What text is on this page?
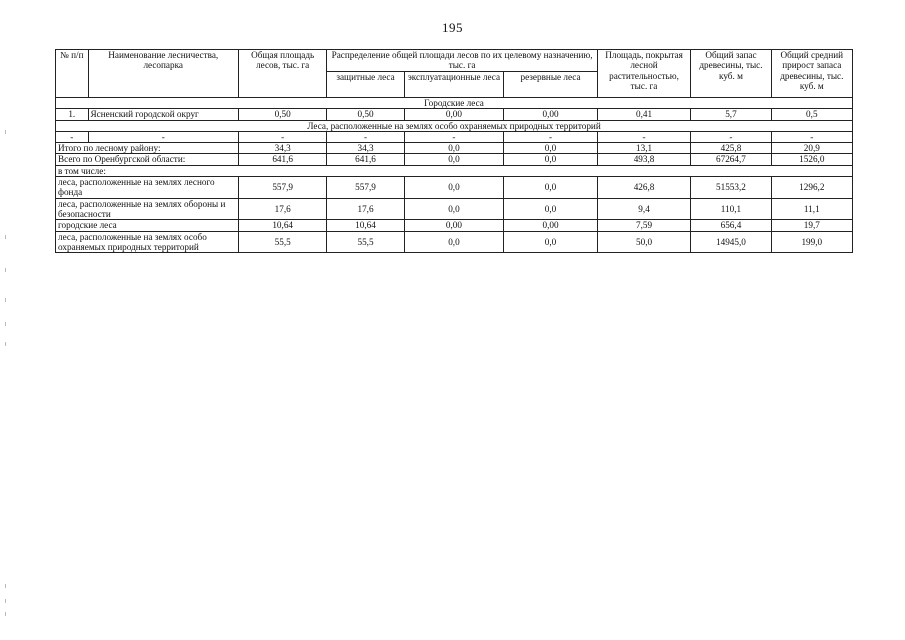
195
№ п/п	Наименование лесничества, лесопарка	Общая площадь лесов, тыс. га	Распределение общей площади лесов по их целевому назначению, тыс. га			Площадь, покрытая лесной растительностью, тыс. га	Общий запас древесины, тыс. куб. м	Общий средний прирост запаса древесины, тыс. куб. м
			защитные леса	эксплуатационные леса	резервные леса			

Городские леса								
1.	Ясненский городской округ	0,50	0,50	0,00	0,00	0,41	5,7	0,5
Леса, расположенные на землях особо охраняемых природных территорий								
-	-	-	-	-	-	-	-	-
Итого по лесному району:		34,3	34,3	0,0	0,0	13,1	425,8	20,9
Всего по Оренбургской области:		641,6	641,6	0,0	0,0	493,8	67264,7	1526,0
в том числе:								
леса, расположенные на землях лесного фонда		557,9	557,9	0,0	0,0	426,8	51553,2	1296,2
леса, расположенные на землях обороны и безопасности		17,6	17,6	0,0	0,0	9,4	110,1	11,1
городские леса		10,64	10,64	0,00	0,00	7,59	656,4	19,7
леса, расположенные на землях особо охраняемых природных территорий		55,5	55,5	0,0	0,0	50,0	14945,0	199,0
